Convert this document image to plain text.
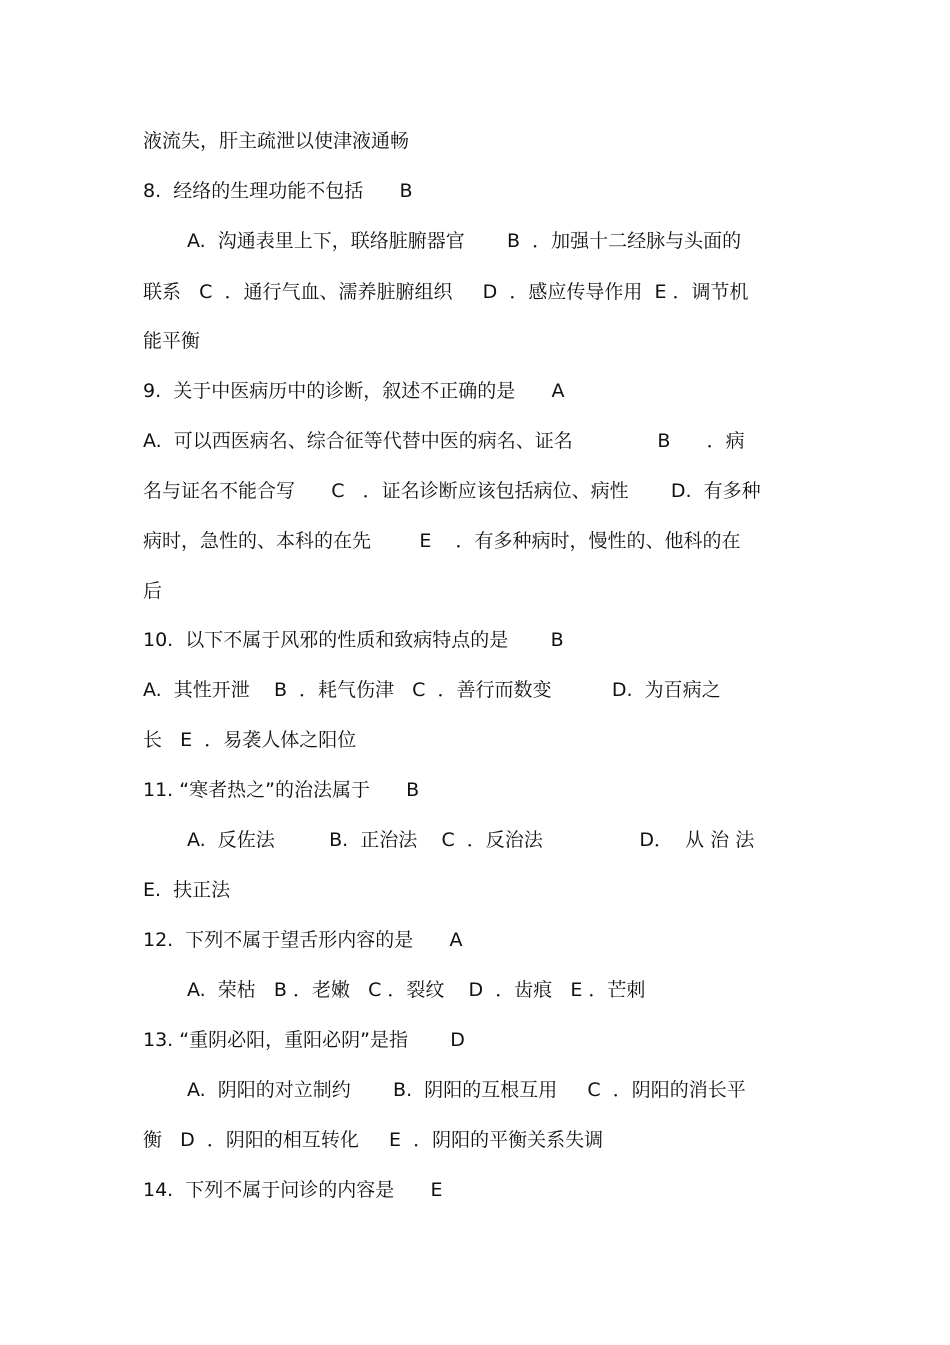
液流失，肝主疏泄以使津液通畅
8.  经络的生理功能不包括      B
A.  沟通表里上下，联络脏腑器官       B  ．加强十二经脉与头面的
联系   C  ．通行气血、濡养脏腑组织     D  ．感应传导作用  E ．调节机
能平衡
9.  关于中医病历中的诊断，叙述不正确的是      A
A.  可以西医病名、综合征等代替中医的病名、证名              B      ．病
名与证名不能合写      C   ．证名诊断应该包括病位、病性       D.  有多种
病时，急性的、本科的在先        E    ．有多种病时，慢性的、他科的在
后
10.  以下不属于风邪的性质和致病特点的是       B
A.  其性开泄    B  ．耗气伤津   C  ．善行而数变          D.  为百病之
长   E  ．易袭人体之阳位
11. “寒者热之”的治法属于      B
A.  反佐法         B.  正治法    C  ．反治法                D．  从 治 法
E.  扶正法
12.  下列不属于望舌形内容的是      A
A.  荣枯   B ．老嫩   C ．裂纹    D  ．齿痕   E ．芒刺
13. “重阴必阳，重阳必阴”是指       D
A.  阴阳的对立制约       B.  阴阳的互根互用     C  ．阴阳的消长平
衡   D  ．阴阳的相互转化     E  ．阴阳的平衡关系失调
14.  下列不属于问诊的内容是      E
